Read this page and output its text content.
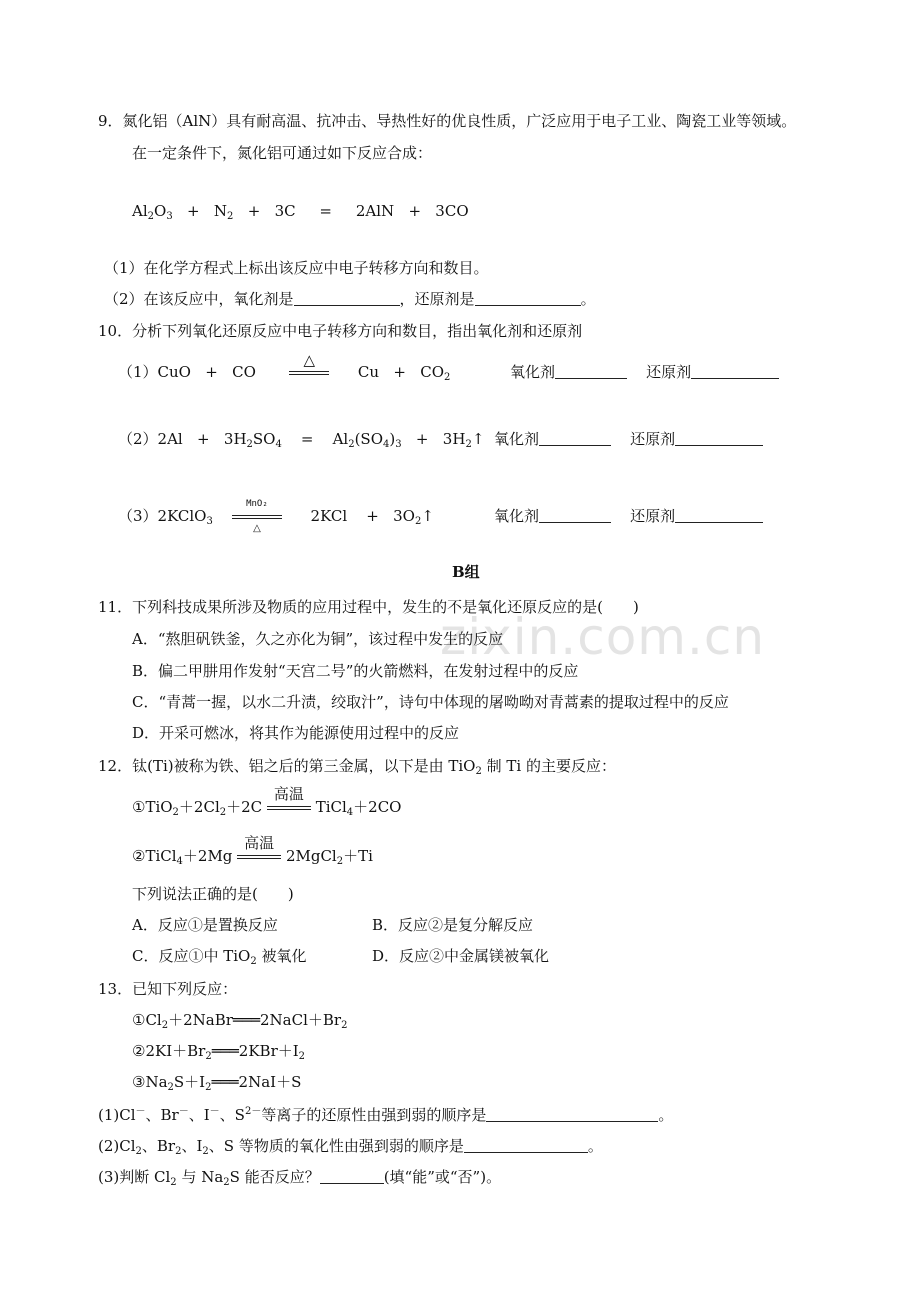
zixin.com.cn
9．氮化铝（AlN）具有耐高温、抗冲击、导热性好的优良性质，广泛应用于电子工业、陶瓷工业等领域。
在一定条件下，氮化铝可通过如下反应合成：
$Al_2O_3 + N_2 + 3C$     =     2AlN   +   3CO
（1）在化学方程式上标出该反应中电子转移方向和数目。
（2）在该反应中，氧化剂是	，还原剂是	。
10．分析下列氧化还原反应中电子转移方向和数目，指出氧化剂和还原剂
（1）CuO   +   CO
△
$Cu + CO_2$	氧化剂	还原剂
$(2)2Al + 3H_2SO_4$    =    $Al_2(SO_4)_3$   +   $3H_2↑$ 氧化剂	还原剂
（3）2KClO$_3$
MnO₂
△
2KCl    +   $3O_2↑$	氧化剂	还原剂
B组
11．下列科技成果所涉及物质的应用过程中，发生的不是氧化还原反应的是(　　)
A．“熬胆矾铁釜，久之亦化为铜”，该过程中发生的反应
B．偏二甲肼用作发射“天宫二号”的火箭燃料，在发射过程中的反应
C．“青蒿一握，以水二升渍，绞取汁”，诗句中体现的屠呦呦对青蒿素的提取过程中的反应
D．开采可燃冰，将其作为能源使用过程中的反应
12．钛(Ti)被称为铁、铝之后的第三金属，以下是由 TiO$_2$ 制 Ti 的主要反应：
$①TiO_2+2Cl_2+2C$
高温
TiCl$_4$＋2CO
②TiCl$_4$＋2Mg
高温
2MgCl$_2$＋Ti
下列说法正确的是(　　)
A．反应①是置换反应	B．反应②是复分解反应
C．反应①中 TiO$_2$ 被氧化	D．反应②中金属镁被氧化
13．已知下列反应：
$①Cl_2+2NaBr═══2NaCl+Br_2$
$②2KI+Br_2═══2KBr+I_2$
$③Na_2S+I_2═══2NaI+S$
(1)Cl－、Br－、I－、$S^{2-}$等离子的还原性由强到弱的顺序是	。
$(2)Cl_2$、$Br_2$、$I_2$、S 等物质的氧化性由强到弱的顺序是	。
(3)判断 $Cl_2$ 与 $Na_2S$ 能否反应？	(填“能”或“否”)。
